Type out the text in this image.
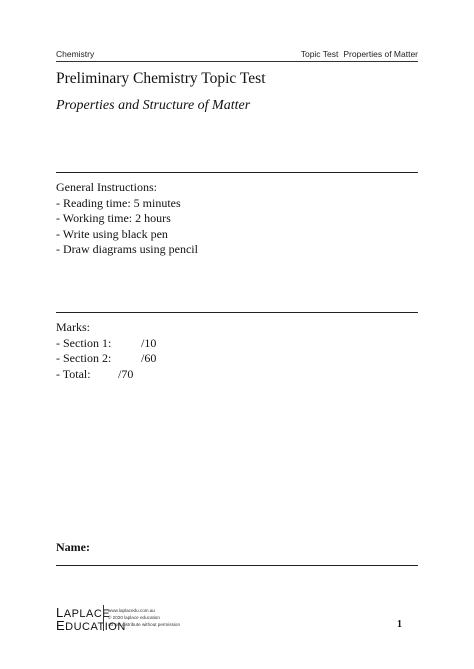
Chemistry	Topic Test Properties of Matter
Preliminary Chemistry Topic Test
Properties and Structure of Matter
General Instructions:
- Reading time: 5 minutes
- Working time: 2 hours
- Write using black pen
- Draw diagrams using pencil
Marks:
- Section 1: /10
- Section 2: /60
- Total: /70
Name:
LAPLACE
EDUCATION
www.laplacedu.com.au
© 2020 laplace education
do not distribute without permission	1
